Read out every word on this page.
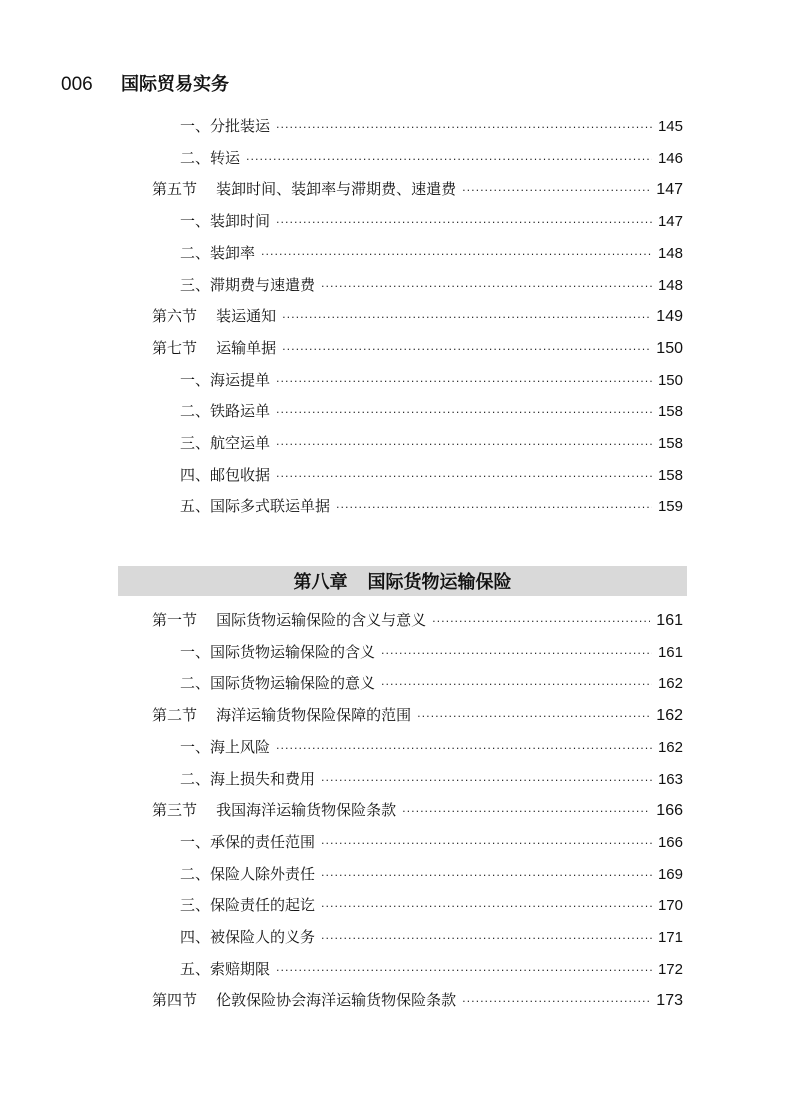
006 国际贸易实务
一、分批装运 ·····	145
二、转运 ·····	146
第五节    装卸时间、装卸率与滞期费、速遣费 ·····	147
一、装卸时间 ·····	147
二、装卸率 ·····	148
三、滞期费与速遣费 ·····	148
第六节    装运通知 ·····	149
第七节    运输单据 ·····	150
一、海运提单 ·····	150
二、铁路运单 ·····	158
三、航空运单 ·····	158
四、邮包收据 ·····	158
五、国际多式联运单据 ·····	159
第八章 国际货物运输保险
第一节    国际货物运输保险的含义与意义 ·····	161
一、国际货物运输保险的含义 ·····	161
二、国际货物运输保险的意义 ·····	162
第二节    海洋运输货物保险保障的范围 ·····	162
一、海上风险 ·····	162
二、海上损失和费用 ·····	163
第三节    我国海洋运输货物保险条款 ·····	166
一、承保的责任范围 ·····	166
二、保险人除外责任 ·····	169
三、保险责任的起讫 ·····	170
四、被保险人的义务 ·····	171
五、索赔期限 ·····	172
第四节    伦敦保险协会海洋运输货物保险条款 ·····	173
